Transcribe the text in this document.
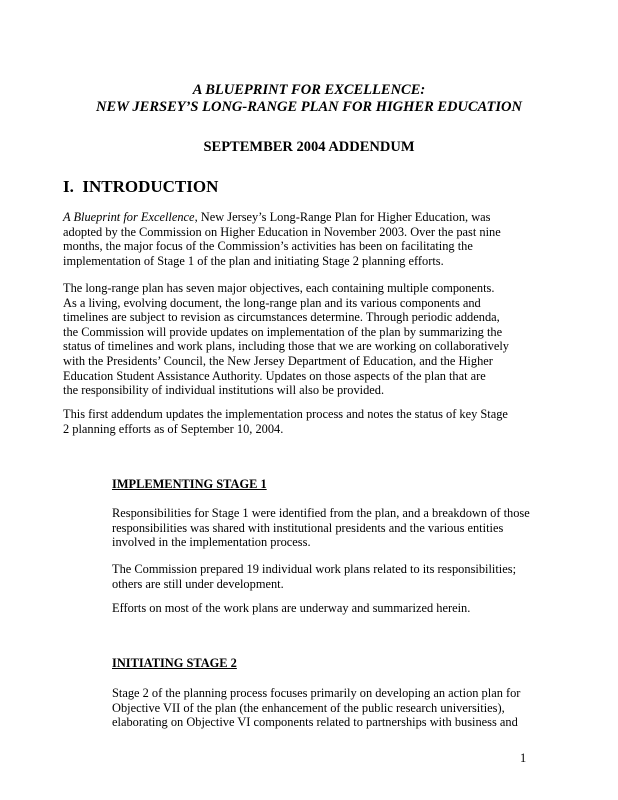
A BLUEPRINT FOR EXCELLENCE:
NEW JERSEY’S LONG-RANGE PLAN FOR HIGHER EDUCATION
SEPTEMBER 2004 ADDENDUM
I.  INTRODUCTION
A Blueprint for Excellence, New Jersey’s Long-Range Plan for Higher Education, was
adopted by the Commission on Higher Education in November 2003. Over the past nine
months, the major focus of the Commission’s activities has been on facilitating the
implementation of Stage 1 of the plan and initiating Stage 2 planning efforts.
The long-range plan has seven major objectives, each containing multiple components.
As a living, evolving document, the long-range plan and its various components and
timelines are subject to revision as circumstances determine. Through periodic addenda,
the Commission will provide updates on implementation of the plan by summarizing the
status of timelines and work plans, including those that we are working on collaboratively
with the Presidents’ Council, the New Jersey Department of Education, and the Higher
Education Student Assistance Authority. Updates on those aspects of the plan that are
the responsibility of individual institutions will also be provided.
This first addendum updates the implementation process and notes the status of key Stage
2 planning efforts as of September 10, 2004.
IMPLEMENTING STAGE 1
Responsibilities for Stage 1 were identified from the plan, and a breakdown of those
responsibilities was shared with institutional presidents and the various entities
involved in the implementation process.
The Commission prepared 19 individual work plans related to its responsibilities;
others are still under development.
Efforts on most of the work plans are underway and summarized herein.
INITIATING STAGE 2
Stage 2 of the planning process focuses primarily on developing an action plan for
Objective VII of the plan (the enhancement of the public research universities),
elaborating on Objective VI components related to partnerships with business and
1
